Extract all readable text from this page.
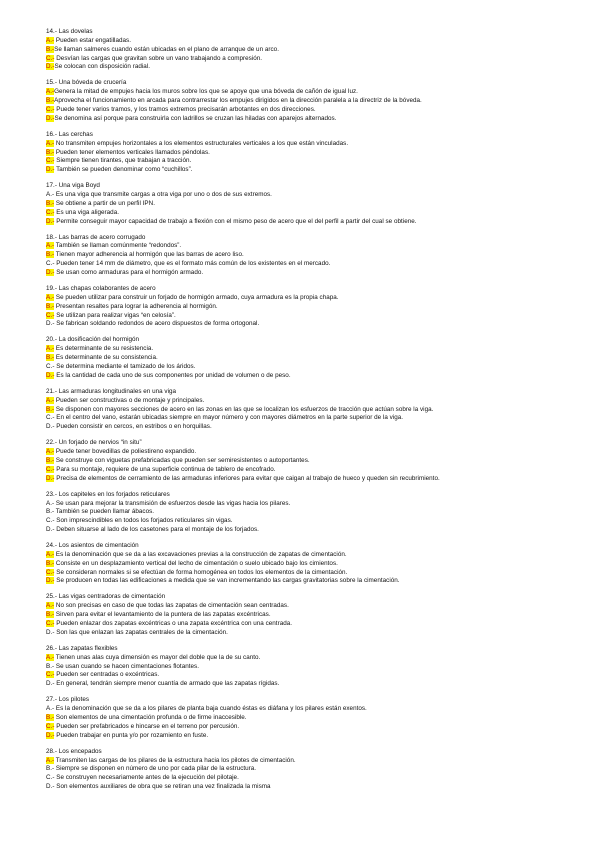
14.- Las dovelas
A.- Pueden estar engatilladas.
B.-Se llaman salmeres cuando están ubicadas en el plano de arranque de un arco.
C.- Desvían las cargas que gravitan sobre un vano trabajando a compresión.
D.-Se colocan con disposición radial.
15.- Una bóveda de crucería
A.-Genera la mitad de empujes hacia los muros sobre los que se apoye que una bóveda de cañón de igual luz.
B.-Aprovecha el funcionamiento en arcada para contrarrestar los empujes dirigidos en la dirección paralela a la directriz de la bóveda.
C.- Puede tener varios tramos, y los tramos extremos precisarán arbotantes en dos direcciones.
D.-Se denomina así porque para construirla con ladrillos se cruzan las hiladas con aparejos alternados.
16.- Las cerchas
A.- No transmiten empujes horizontales a los elementos estructurales verticales a los que están vinculadas.
B.- Pueden tener elementos verticales llamados péndolas.
C.- Siempre tienen tirantes, que trabajan a tracción.
D.- También se pueden denominar como “cuchillos”.
17.- Una viga Boyd
A.- Es una viga que transmite cargas a otra viga por uno o dos de sus extremos.
B.- Se obtiene a partir de un perfil IPN.
C.- Es una viga aligerada.
D.- Permite conseguir mayor capacidad de trabajo a flexión con el mismo peso de acero que el del perfil a partir del cual se obtiene.
18.- Las barras de acero corrugado
A.- También se llaman comúnmente “redondos”.
B.- Tienen mayor adherencia al hormigón que las barras de acero liso.
C.- Pueden tener 14 mm de diámetro, que es el formato más común de los existentes en el mercado.
D.- Se usan como armaduras para el hormigón armado.
19.- Las chapas colaborantes de acero
A.- Se pueden utilizar para construir un forjado de hormigón armado, cuya armadura es la propia chapa.
B.- Presentan resaltes para lograr la adherencia al hormigón.
C.- Se utilizan para realizar vigas “en celosía”.
D.- Se fabrican soldando redondos de acero dispuestos de forma ortogonal.
20.- La dosificación del hormigón
A.- Es determinante de su resistencia.
B.- Es determinante de su consistencia.
C.- Se determina mediante el tamizado de los áridos.
D.- Es la cantidad de cada uno de sus componentes por unidad de volumen o de peso.
21.- Las armaduras longitudinales en una viga
A.- Pueden ser constructivas o de montaje y principales.
B.- Se disponen con mayores secciones de acero en las zonas en las que se localizan los esfuerzos de tracción que actúan sobre la viga.
C.- En el centro del vano, estarán ubicadas siempre en mayor número y con mayores diámetros en la parte superior de la viga.
D.- Pueden consistir en cercos, en estribos o en horquillas.
22.- Un forjado de nervios “in situ”
A.- Puede tener bovedillas de poliestireno expandido.
B.- Se construye con viguetas prefabricadas que pueden ser semiresistentes o autoportantes.
C.- Para su montaje, requiere de una superficie continua de tablero de encofrado.
D.- Precisa de elementos de cerramiento de las armaduras inferiores para evitar que caigan al trabajo de hueco y queden sin recubrimiento.
23.- Los capiteles en los forjados reticulares
A.- Se usan para mejorar la transmisión de esfuerzos desde las vigas hacia los pilares.
B.- También se pueden llamar ábacos.
C.- Son imprescindibles en todos los forjados reticulares sin vigas.
D.- Deben situarse al lado de los casetones para el montaje de los forjados.
24.- Los asientos de cimentación
A.- Es la denominación que se da a las excavaciones previas a la construcción de zapatas de cimentación.
B.- Consiste en un desplazamiento vertical del lecho de cimentación o suelo ubicado bajo los cimientos.
C.- Se consideran normales si se efectúan de forma homogénea en todos los elementos de la cimentación.
D.- Se producen en todas las edificaciones a medida que se van incrementando las cargas gravitatorias sobre la cimentación.
25.- Las vigas centradoras de cimentación
A.- No son precisas en caso de que todas las zapatas de cimentación sean centradas.
B.- Sirven para evitar el levantamiento de la puntera de las zapatas excéntricas.
C.- Pueden enlazar dos zapatas excéntricas o una zapata excéntrica con una centrada.
D.- Son las que enlazan las zapatas centrales de la cimentación.
26.- Las zapatas flexibles
A.- Tienen unas alas cuya dimensión es mayor del doble que la de su canto.
B.- Se usan cuando se hacen cimentaciones flotantes.
C.- Pueden ser centradas o excéntricas.
D.- En general, tendrán siempre menor cuantía de armado que las zapatas rígidas.
27.- Los pilotes
A.- Es la denominación que se da a los pilares de planta baja cuando éstas es diáfana y los pilares están exentos.
B.- Son elementos de una cimentación profunda o de firme inaccesible.
C.- Pueden ser prefabricados e hincarse en el terreno por percusión.
D.- Pueden trabajar en punta y/o por rozamiento en fuste.
28.- Los encepados
A.- Transmiten las cargas de los pilares de la estructura hacia los pilotes de cimentación.
B.- Siempre se disponen en número de uno por cada pilar de la estructura.
C.- Se construyen necesariamente antes de la ejecución del pilotaje.
D.- Son elementos auxiliares de obra que se retiran una vez finalizada la misma
